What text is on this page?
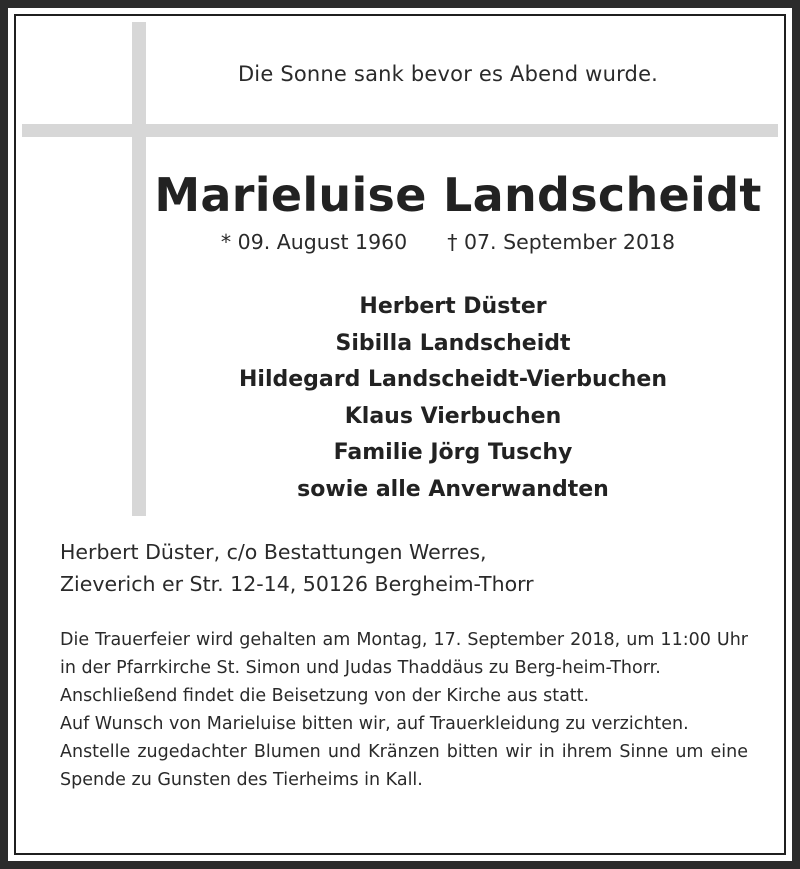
Die Sonne sank bevor es Abend wurde.
Marieluise Landscheidt
* 09. August 1960 † 07. September 2018
Herbert Düster
Sibilla Landscheidt
Hildegard Landscheidt-Vierbuchen
Klaus Vierbuchen
Familie Jörg Tuschy
sowie alle Anverwandten
Herbert Düster, c/o Bestattungen Werres,
Zieverich er Str. 12-14, 50126 Bergheim-Thorr

Die Trauerfeier wird gehalten am Montag, 17. September 2018, um 11:00 Uhr in der Pfarrkirche St. Simon und Judas Thaddäus zu Berg-heim-Thorr.

Anschließend findet die Beisetzung von der Kirche aus statt.

Auf Wunsch von Marieluise bitten wir, auf Trauerkleidung zu verzichten.

Anstelle zugedachter Blumen und Kränzen bitten wir in ihrem Sinne um eine Spende zu Gunsten des Tierheims in Kall.
